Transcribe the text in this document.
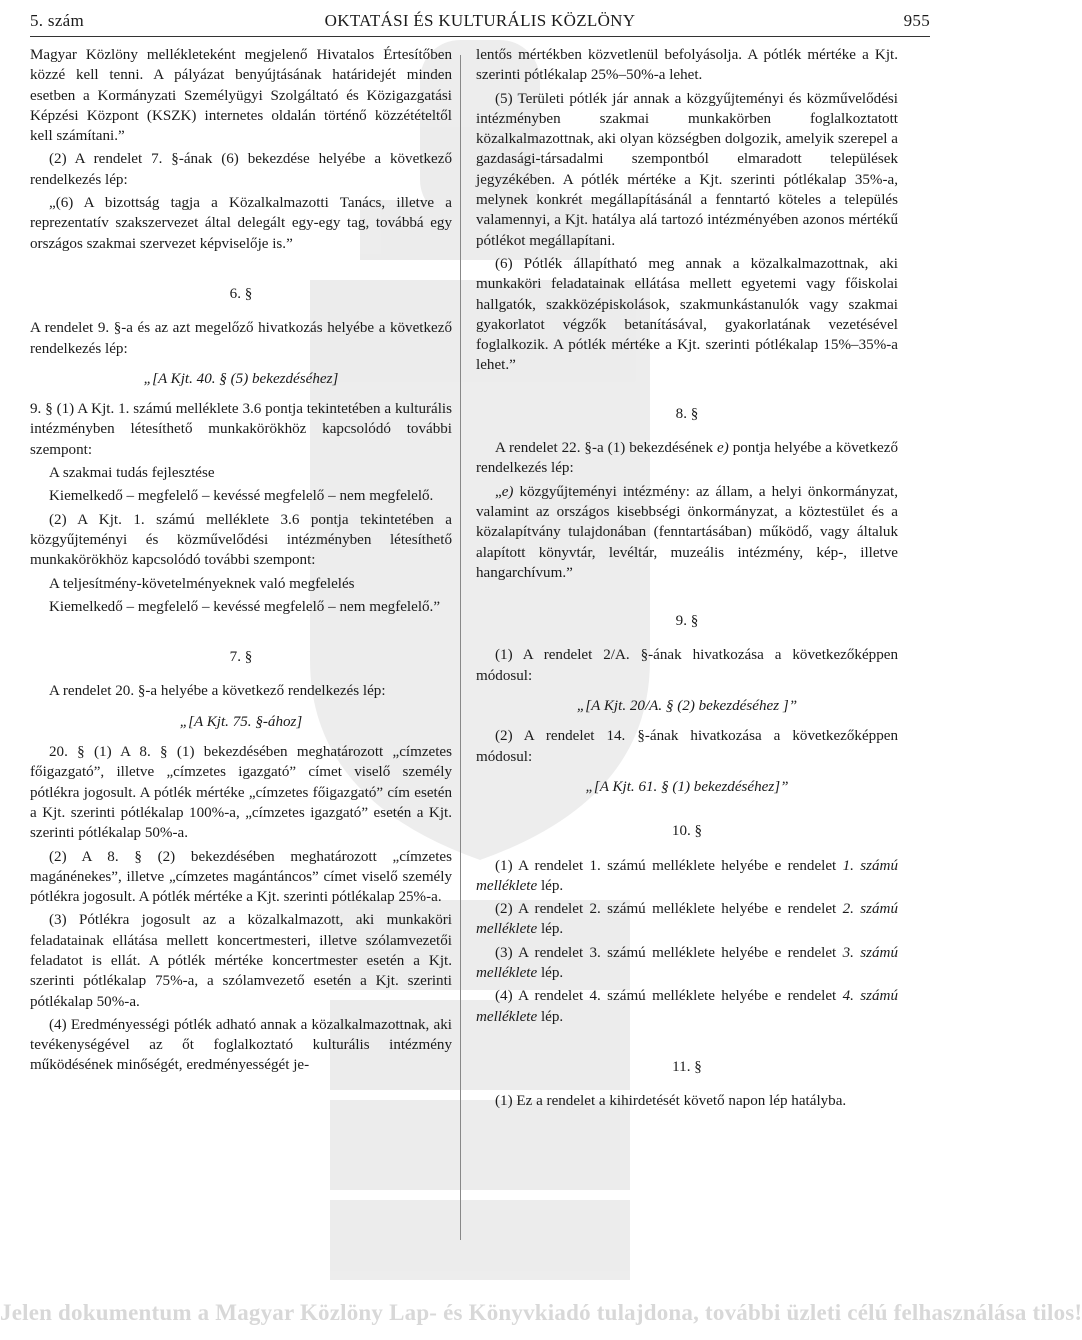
5. szám	OKTATÁSI ÉS KULTURÁLIS KÖZLÖNY	955

Magyar Közlöny mellékleteként megjelenő Hivatalos Értesítőben közzé kell tenni. A pályázat benyújtásának határidejét minden esetben a Kormányzati Személyügyi Szolgáltató és Közigazgatási Képzési Központ (KSZK) internetes oldalán történő közzétételtől kell számítani.”

(2) A rendelet 7. §-ának (6) bekezdése helyébe a következő rendelkezés lép:

„(6) A bizottság tagja a Közalkalmazotti Tanács, illetve a reprezentatív szakszervezet által delegált egy-egy tag, továbbá egy országos szakmai szervezet képviselője is.”

6. §

A rendelet 9. §-a és az azt megelőző hivatkozás helyébe a következő rendelkezés lép:

„[A Kjt. 40. § (5) bekezdéséhez]

9. § (1) A Kjt. 1. számú melléklete 3.6 pontja tekintetében a kulturális intézményben létesíthető munkakörökhöz kapcsolódó további szempont:

A szakmai tudás fejlesztése

Kiemelkedő – megfelelő – kevéssé megfelelő – nem megfelelő.

(2) A Kjt. 1. számú melléklete 3.6 pontja tekintetében a közgyűjteményi és közművelődési intézményben létesíthető munkakörökhöz kapcsolódó további szempont:

A teljesítmény-követelményeknek való megfelelés

Kiemelkedő – megfelelő – kevéssé megfelelő – nem megfelelő.”

7. §

A rendelet 20. §-a helyébe a következő rendelkezés lép:

„[A Kjt. 75. §-ához]

20. § (1) A 8. § (1) bekezdésében meghatározott „címzetes főigazgató”, illetve „címzetes igazgató” címet viselő személy pótlékra jogosult. A pótlék mértéke „címzetes főigazgató” cím esetén a Kjt. szerinti pótlékalap 100%-a, „címzetes igazgató” esetén a Kjt. szerinti pótlékalap 50%-a.

(2) A 8. § (2) bekezdésében meghatározott „címzetes magánénekes”, illetve „címzetes magántáncos” címet viselő személy pótlékra jogosult. A pótlék mértéke a Kjt. szerinti pótlékalap 25%-a.

(3) Pótlékra jogosult az a közalkalmazott, aki munkaköri feladatainak ellátása mellett koncertmesteri, illetve szólamvezetői feladatot is ellát. A pótlék mértéke koncertmester esetén a Kjt. szerinti pótlékalap 75%-a, a szólamvezető esetén a Kjt. szerinti pótlékalap 50%-a.

(4) Eredményességi pótlék adható annak a közalkalmazottnak, aki tevékenységével az őt foglalkoztató kulturális intézmény működésének minőségét, eredményességét je-

lentős mértékben közvetlenül befolyásolja. A pótlék mértéke a Kjt. szerinti pótlékalap 25%–50%-a lehet.

(5) Területi pótlék jár annak a közgyűjteményi és közművelődési intézményben szakmai munkakörben foglalkoztatott közalkalmazottnak, aki olyan községben dolgozik, amelyik szerepel a gazdasági-társadalmi szempontból elmaradott települések jegyzékében. A pótlék mértéke a Kjt. szerinti pótlékalap 35%-a, melynek konkrét megállapításánál a fenntartó köteles a település valamennyi, a Kjt. hatálya alá tartozó intézményében azonos mértékű pótlékot megállapítani.

(6) Pótlék állapítható meg annak a közalkalmazottnak, aki munkaköri feladatainak ellátása mellett egyetemi vagy főiskolai hallgatók, szakközépiskolások, szakmunkástanulók vagy szakmai gyakorlatot végzők betanításával, gyakorlatának vezetésével foglalkozik. A pótlék mértéke a Kjt. szerinti pótlékalap 15%–35%-a lehet.”

8. §

A rendelet 22. §-a (1) bekezdésének e) pontja helyébe a következő rendelkezés lép:

„e) közgyűjteményi intézmény: az állam, a helyi önkormányzat, valamint az országos kisebbségi önkormányzat, a köztestület és a közalapítvány tulajdonában (fenntartásában) működő, vagy általuk alapított könyvtár, levéltár, muzeális intézmény, kép-, illetve hangarchívum.”

9. §

(1) A rendelet 2/A. §-ának hivatkozása a következőképpen módosul:

„[A Kjt. 20/A. § (2) bekezdéséhez ]”

(2) A rendelet 14. §-ának hivatkozása a következőképpen módosul:

„[A Kjt. 61. § (1) bekezdéséhez]”

10. §

(1) A rendelet 1. számú melléklete helyébe e rendelet 1. számú melléklete lép.

(2) A rendelet 2. számú melléklete helyébe e rendelet 2. számú melléklete lép.

(3) A rendelet 3. számú melléklete helyébe e rendelet 3. számú melléklete lép.

(4) A rendelet 4. számú melléklete helyébe e rendelet 4. számú melléklete lép.

11. §

(1) Ez a rendelet a kihirdetését követő napon lép hatályba.

Jelen dokumentum a Magyar Közlöny Lap- és Könyvkiadó tulajdona, további üzleti célú felhasználása tilos!
